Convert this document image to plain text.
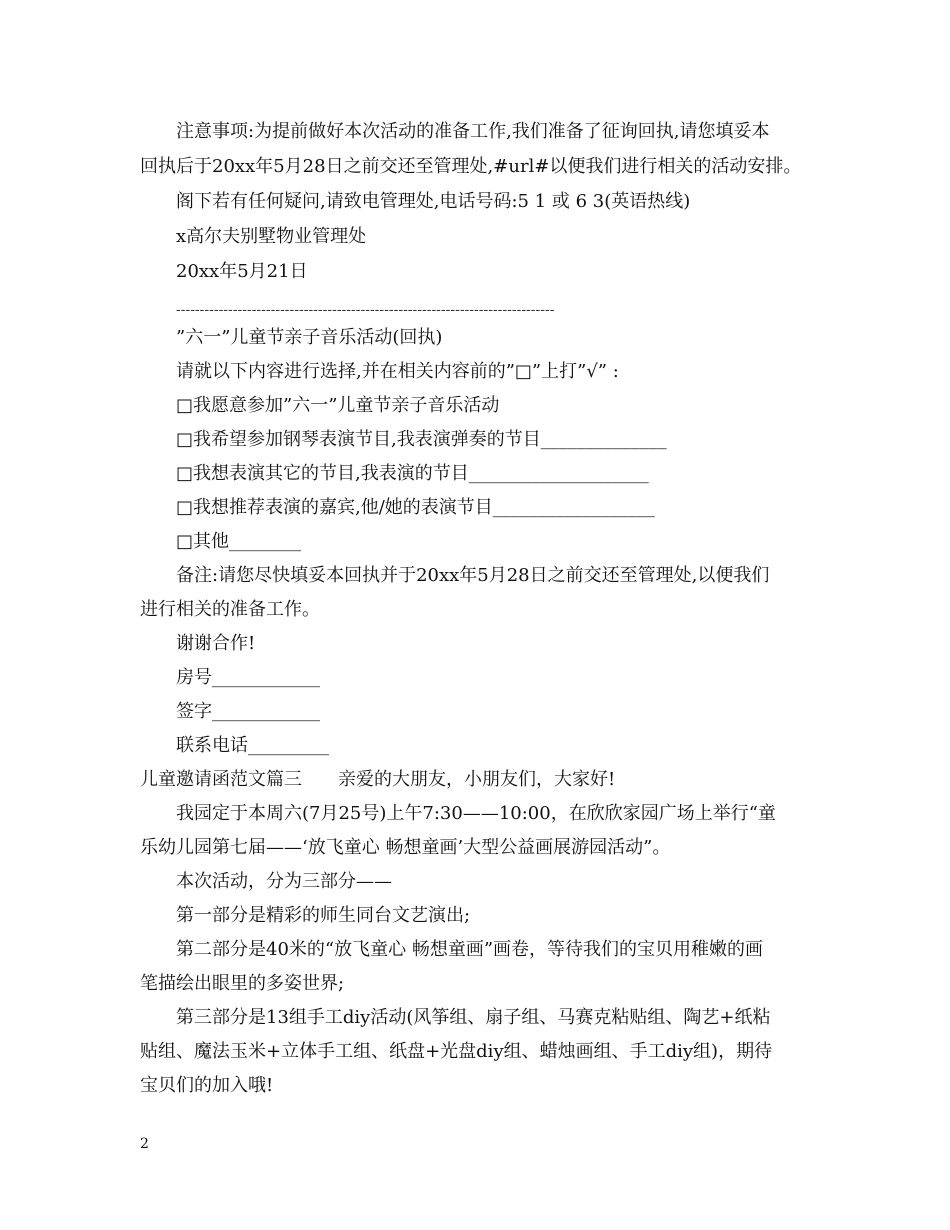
注意事项:为提前做好本次活动的准备工作,我们准备了征询回执,请您填妥本
回执后于20xx年5月28日之前交还至管理处,#url#以便我们进行相关的活动安排。
阁下若有任何疑问,请致电管理处,电话号码:5 1 或 6 3(英语热线)
x高尔夫别墅物业管理处
20xx年5月21日
--------------------------------------------------------------------------------
”六一”儿童节亲子音乐活动(回执)
请就以下内容进行选择,并在相关内容前的”□”上打”√” :
□我愿意参加”六一”儿童节亲子音乐活动
□我希望参加钢琴表演节目,我表演弹奏的节目______________
□我想表演其它的节目,我表演的节目____________________
□我想推荐表演的嘉宾,他/她的表演节目__________________
□其他________
备注:请您尽快填妥本回执并于20xx年5月28日之前交还至管理处,以便我们
进行相关的准备工作。
谢谢合作!
房号____________
签字____________
联系电话_________
儿童邀请函范文篇三 亲爱的大朋友，小朋友们，大家好!
我园定于本周六(7月25号)上午7:30——10:00，在欣欣家园广场上举行“童
乐幼儿园第七届——‘放飞童心 畅想童画’大型公益画展游园活动”。
本次活动，分为三部分——
第一部分是精彩的师生同台文艺演出;
第二部分是40米的“放飞童心 畅想童画”画卷，等待我们的宝贝用稚嫩的画
笔描绘出眼里的多姿世界;
第三部分是13组手工diy活动(风筝组、扇子组、马赛克粘贴组、陶艺+纸粘
贴组、魔法玉米+立体手工组、纸盘+光盘diy组、蜡烛画组、手工diy组)，期待
宝贝们的加入哦!
2
